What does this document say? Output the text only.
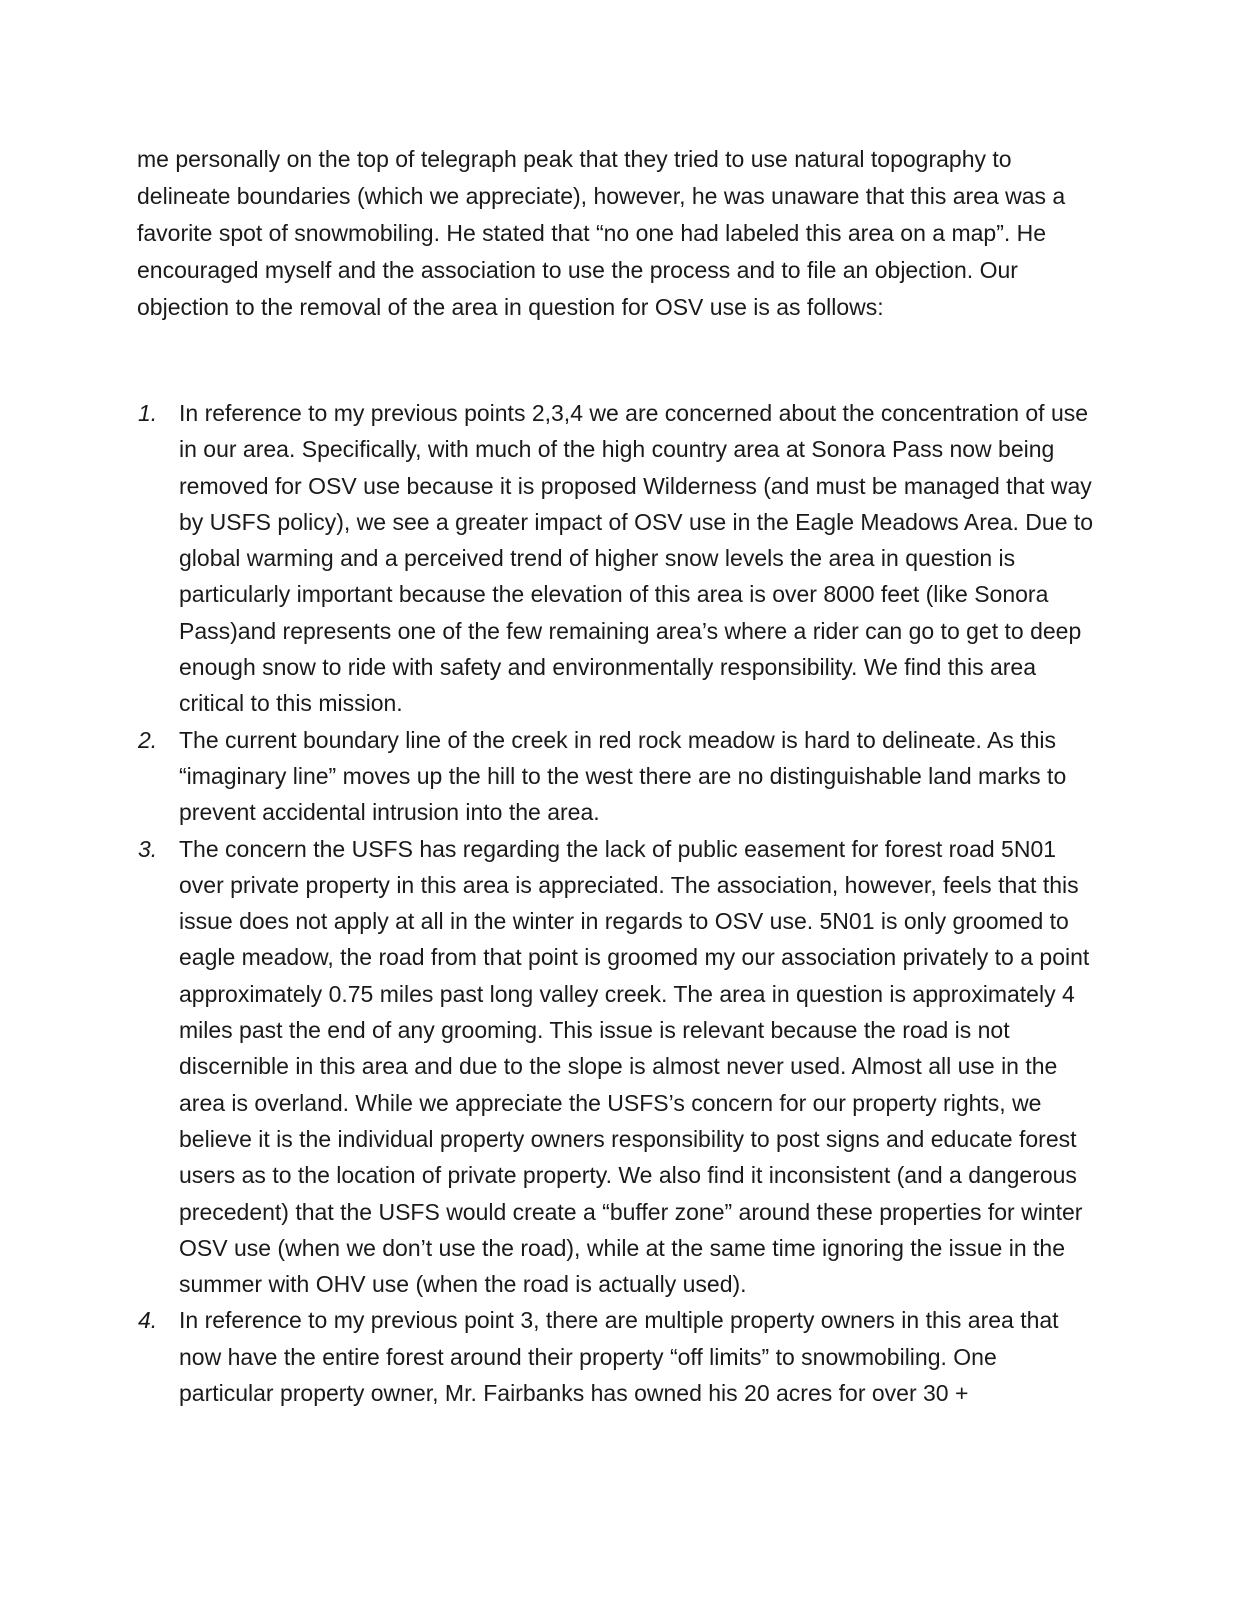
me personally on the top of telegraph peak that they tried to use natural topography to delineate boundaries (which we appreciate), however, he was unaware that this area was a favorite spot of snowmobiling. He stated that “no one had labeled this area on a map”. He encouraged myself and the association to use the process and to file an objection. Our objection to the removal of the area in question for OSV use is as follows:

1. In reference to my previous points 2,3,4 we are concerned about the concentration of use in our area. Specifically, with much of the high country area at Sonora Pass now being removed for OSV use because it is proposed Wilderness (and must be managed that way by USFS policy), we see a greater impact of OSV use in the Eagle Meadows Area. Due to global warming and a perceived trend of higher snow levels the area in question is particularly important because the elevation of this area is over 8000 feet (like Sonora Pass)and represents one of the few remaining area’s where a rider can go to get to deep enough snow to ride with safety and environmentally responsibility. We find this area critical to this mission.
2. The current boundary line of the creek in red rock meadow is hard to delineate. As this “imaginary line” moves up the hill to the west there are no distinguishable land marks to prevent accidental intrusion into the area.
3. The concern the USFS has regarding the lack of public easement for forest road 5N01 over private property in this area is appreciated. The association, however, feels that this issue does not apply at all in the winter in regards to OSV use. 5N01 is only groomed to eagle meadow, the road from that point is groomed my our association privately to a point approximately 0.75 miles past long valley creek. The area in question is approximately 4 miles past the end of any grooming. This issue is relevant because the road is not discernible in this area and due to the slope is almost never used. Almost all use in the area is overland. While we appreciate the USFS’s concern for our property rights, we believe it is the individual property owners responsibility to post signs and educate forest users as to the location of private property. We also find it inconsistent (and a dangerous precedent) that the USFS would create a “buffer zone” around these properties for winter OSV use (when we don’t use the road), while at the same time ignoring the issue in the summer with OHV use (when the road is actually used).
4. In reference to my previous point 3, there are multiple property owners in this area that now have the entire forest around their property “off limits” to snowmobiling. One particular property owner, Mr. Fairbanks has owned his 20 acres for over 30 +
